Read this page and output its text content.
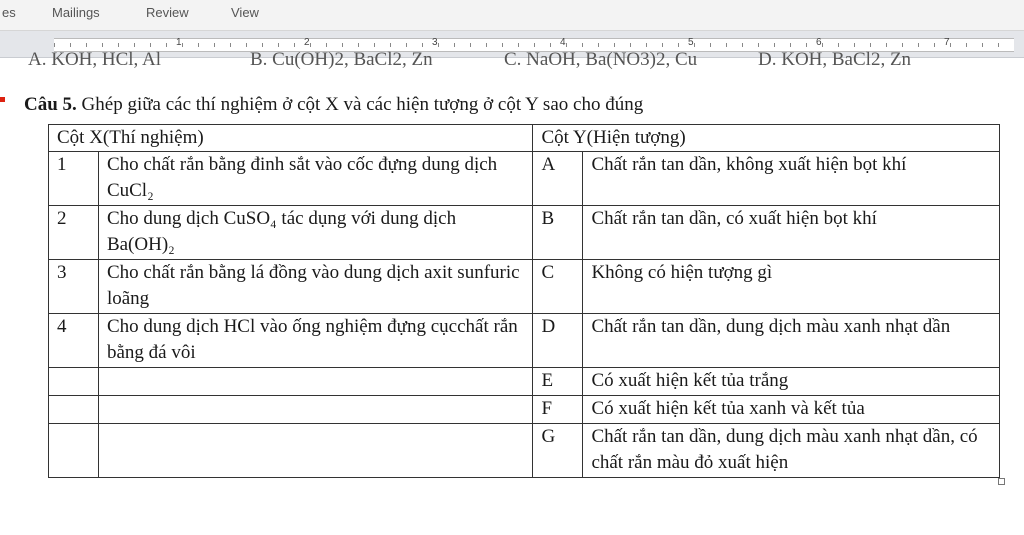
es	Mailings	Review	View
1	2	3	4	5	6	7
A. KOH, HCl, Al	B. Cu(OH)2, BaCl2, Zn	C. NaOH, Ba(NO3)2, Cu	D. KOH, BaCl2, Zn
Câu 5. Ghép giữa các thí nghiệm ở cột X và các hiện tượng ở cột Y sao cho đúng
Cột X(Thí nghiệm)		Cột Y(Hiện tượng)	
1	Cho chất rắn bằng đinh sắt vào cốc đựng dung dịch CuCl₂	A	Chất rắn tan dần, không xuất hiện bọt khí
2	Cho dung dịch CuSO₄ tác dụng với dung dịch Ba(OH)₂	B	Chất rắn tan dần, có xuất hiện bọt khí
3	Cho chất rắn bằng lá đồng vào dung dịch axit sunfuric loãng	C	Không có hiện tượng gì
4	Cho dung dịch HCl vào ống nghiệm đựng cụcchất rắn bằng đá vôi	D	Chất rắn tan dần, dung dịch màu xanh nhạt dần
		E	Có xuất hiện kết tủa trắng
		F	Có xuất hiện kết tủa xanh và kết tủa
		G	Chất rắn tan dần, dung dịch màu xanh nhạt dần, có chất rắn màu đỏ xuất hiện
